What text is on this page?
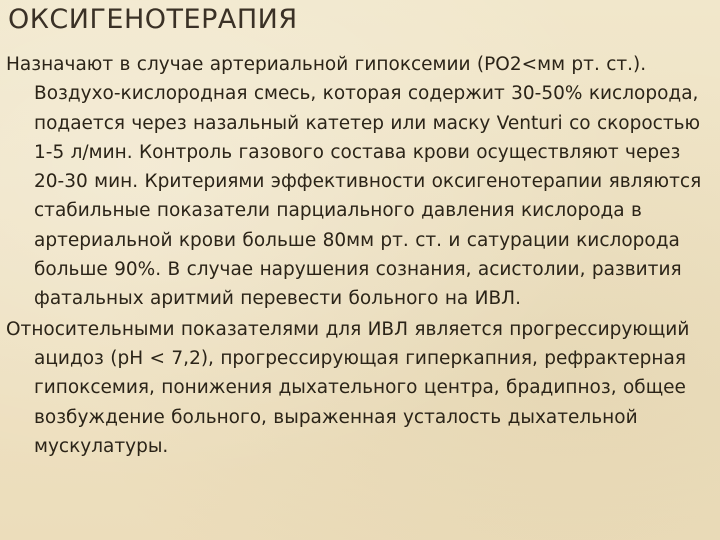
ОКСИГЕНОТЕРАПИЯ

Назначают в случае артериальной гипоксемии (PO2<мм рт. ст.). Воздухо-кислородная смесь, которая содержит 30-50% кислорода, подается через назальный катетер или маску Venturi со скоростью 1-5 л/мин. Контроль газового состава крови осуществляют через 20-30 мин. Критериями эффективности оксигенотерапии являются стабильные показатели парциального давления кислорода в артериальной крови больше 80мм рт. ст. и сатурации кислорода больше 90%. В случае нарушения сознания, асистолии, развития фатальных аритмий перевести больного на ИВЛ.

Относительными показателями для ИВЛ является прогрессирующий ацидоз (pH < 7,2), прогрессирующая гиперкапния, рефрактерная гипоксемия, понижения дыхательного центра, брадипноз, общее возбуждение больного, выраженная усталость дыхательной мускулатуры.
